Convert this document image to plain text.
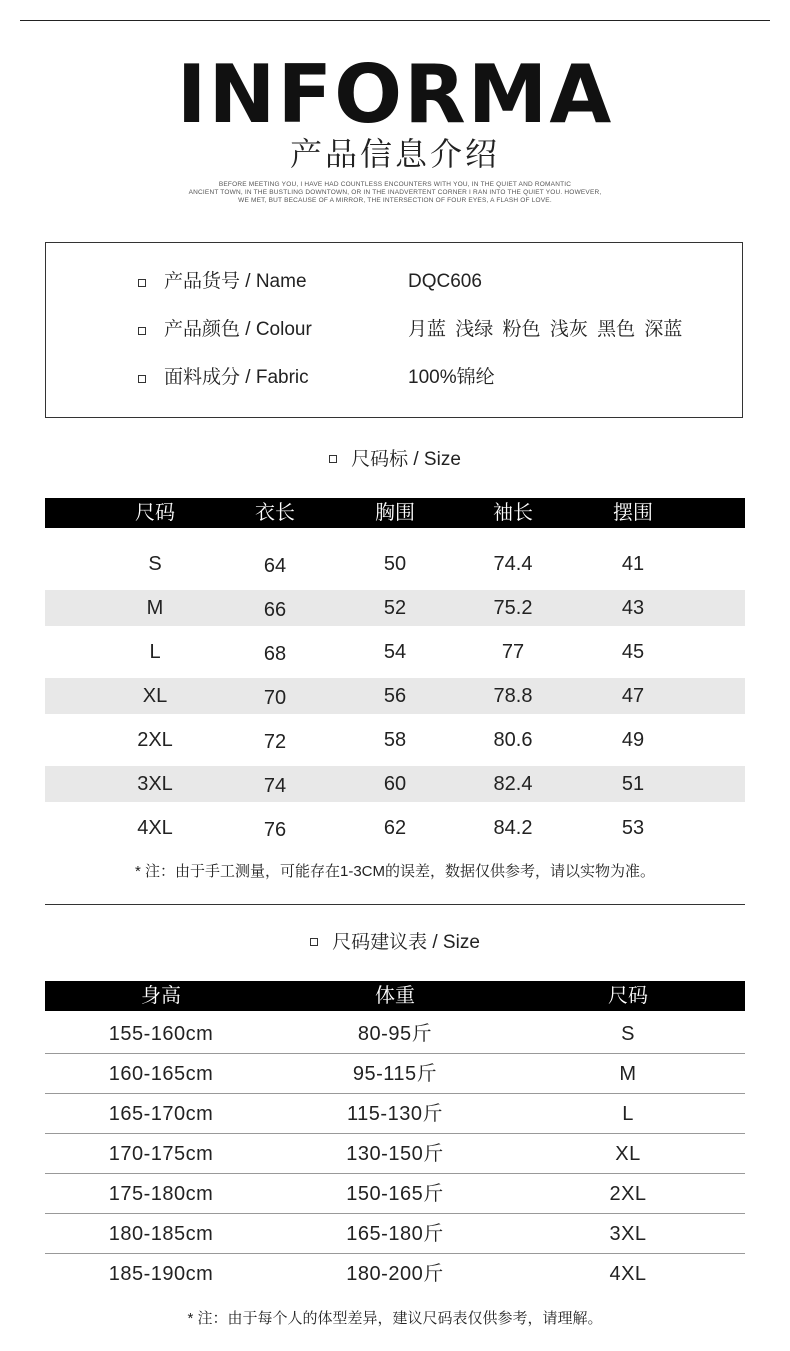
INFORMA
产品信息介绍
BEFORE MEETING YOU, I HAVE HAD COUNTLESS ENCOUNTERS WITH YOU, IN THE QUIET AND ROMANTIC
ANCIENT TOWN, IN THE BUSTLING DOWNTOWN, OR IN THE INADVERTENT CORNER I RAN INTO THE QUIET YOU. HOWEVER,
WE MET, BUT BECAUSE OF A MIRROR, THE INTERSECTION OF FOUR EYES, A FLASH OF LOVE.
产品货号 / Name	DQC606
产品颜色 / Colour	月蓝 浅绿 粉色 浅灰 黑色 深蓝
面料成分 / Fabric	100%锦纶
尺码标 / Size
尺码	衣长	胸围	袖长	摆围
S	64	50	74.4	41
M	66	52	75.2	43
L	68	54	77	45
XL	70	56	78.8	47
2XL	72	58	80.6	49
3XL	74	60	82.4	51
4XL	76	62	84.2	53
* 注：由于手工测量，可能存在1-3CM的误差，数据仅供参考，请以实物为准。
尺码建议表 / Size
身高	体重	尺码
155-160cm	80-95斤	S
160-165cm	95-115斤	M
165-170cm	115-130斤	L
170-175cm	130-150斤	XL
175-180cm	150-165斤	2XL
180-185cm	165-180斤	3XL
185-190cm	180-200斤	4XL
* 注：由于每个人的体型差异，建议尺码表仅供参考，请理解。
